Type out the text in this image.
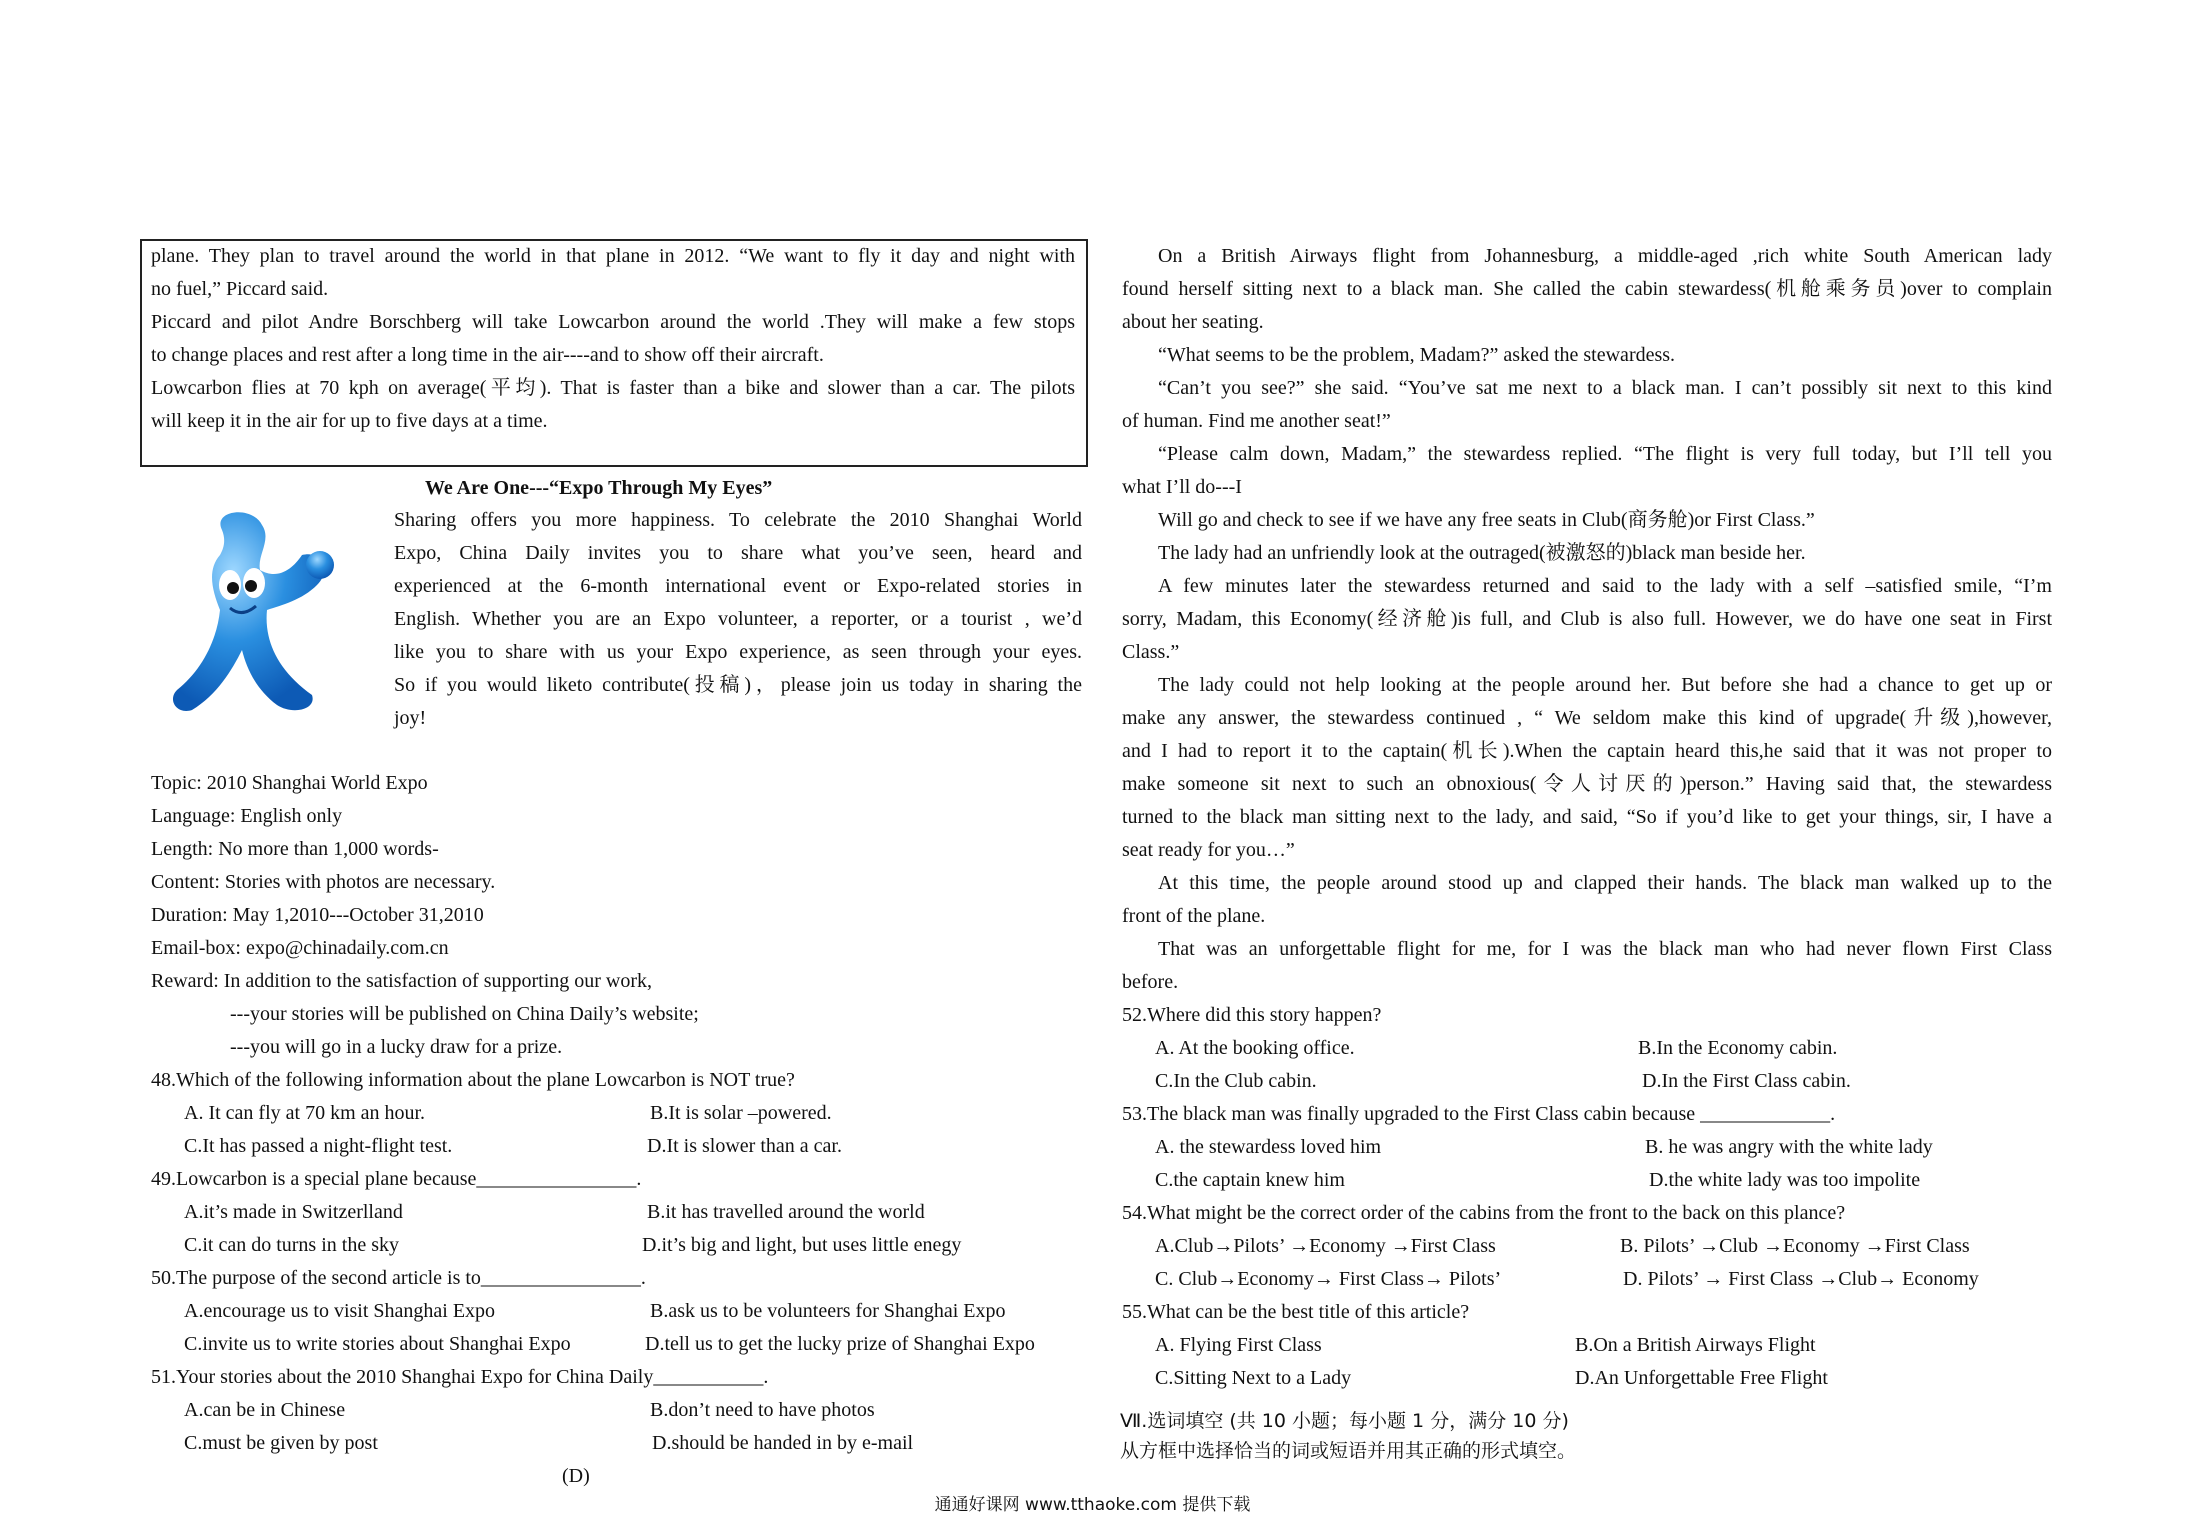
plane. They plan to travel around the world in that plane in 2012. “We want to fly it day and night with
no fuel,” Piccard said.
Piccard and pilot Andre Borschberg will take Lowcarbon around the world .They will make a few stops
to change places and rest after a long time in the air----and to show off their aircraft.
Lowcarbon flies at 70 kph on average(平均). That is faster than a bike and slower than a car. The pilots
will keep it in the air for up to five days at a time.
We Are One---“Expo Through My Eyes”
Sharing offers you more happiness. To celebrate the 2010 Shanghai World
Expo, China Daily invites you to share what you’ve seen, heard and
experienced at the 6-month international event or Expo-related stories in
English. Whether you are an Expo volunteer, a reporter, or a tourist , we’d
like you to share with us your Expo experience, as seen through your eyes.
So if you would liketo contribute(投稿)，please join us today in sharing the
joy!
Topic: 2010 Shanghai World Expo
Language: English only
Length: No more than 1,000 words-
Content: Stories with photos are necessary.
Duration: May 1,2010---October 31,2010
Email-box: expo@chinadaily.com.cn
Reward: In addition to the satisfaction of supporting our work,
---your stories will be published on China Daily’s website;
---you will go in a lucky draw for a prize.
48.Which of the following information about the plane Lowcarbon is NOT true?
A. It can fly at 70 km an hour.	B.It is solar –powered.
C.It has passed a night-flight test.	D.It is slower than a car.
49.Lowcarbon is a special plane because________________.
A.it’s made in Switzerlland	B.it has travelled around the world
C.it can do turns in the sky	D.it’s big and light, but uses little enegy
50.The purpose of the second article is to________________.
A.encourage us to visit Shanghai Expo	B.ask us to be volunteers for Shanghai Expo
C.invite us to write stories about Shanghai Expo	D.tell us to get the lucky prize of Shanghai Expo
51.Your stories about the 2010 Shanghai Expo for China Daily___________.
A.can be in Chinese	B.don’t need to have photos
C.must be given by post	D.should be handed in by e-mail
(D)
On a British Airways flight from Johannesburg, a middle-aged ,rich white South American lady
found herself sitting next to a black man. She called the cabin stewardess(机舱乘务员)over to complain
about her seating.
“What seems to be the problem, Madam?” asked the stewardess.
“Can’t you see?” she said. “You’ve sat me next to a black man. I can’t possibly sit next to this kind
of human. Find me another seat!”
“Please calm down, Madam,” the stewardess replied. “The flight is very full today, but I’ll tell you
what I’ll do---I
Will go and check to see if we have any free seats in Club(商务舱)or First Class.”
The lady had an unfriendly look at the outraged(被激怒的)black man beside her.
A few minutes later the stewardess returned and said to the lady with a self –satisfied smile, “I’m
sorry, Madam, this Economy(经济舱)is full, and Club is also full. However, we do have one seat in First
Class.”
The lady could not help looking at the people around her. But before she had a chance to get up or
make any answer, the stewardess continued , “ We seldom make this kind of upgrade(升级),however,
and I had to report it to the captain(机长).When the captain heard this,he said that it was not proper to
make someone sit next to such an obnoxious(令人讨厌的)person.” Having said that, the stewardess
turned to the black man sitting next to the lady, and said, “So if you’d like to get your things, sir, I have a
seat ready for you…”
At this time, the people around stood up and clapped their hands. The black man walked up to the
front of the plane.
That was an unforgettable flight for me, for I was the black man who had never flown First Class
before.
52.Where did this story happen?
A. At the booking office.	B.In the Economy cabin.
C.In the Club cabin.	D.In the First Class cabin.
53.The black man was finally upgraded to the First Class cabin because _____________.
A. the stewardess loved him	B. he was angry with the white lady
C.the captain knew him	D.the white lady was too impolite
54.What might be the correct order of the cabins from the front to the back on this plance?
A.Club→Pilots’ →Economy →First Class	B. Pilots’ →Club →Economy →First Class
C. Club→Economy→ First Class→ Pilots’	D. Pilots’ → First Class →Club→ Economy
55.What can be the best title of this article?
A. Flying First Class	B.On a British Airways Flight
C.Sitting Next to a Lady	D.An Unforgettable Free Flight
Ⅶ.选词填空 (共 10 小题；每小题 1 分，满分 10 分)
从方框中选择恰当的词或短语并用其正确的形式填空。
通通好课网 www.tthaoke.com 提供下载
